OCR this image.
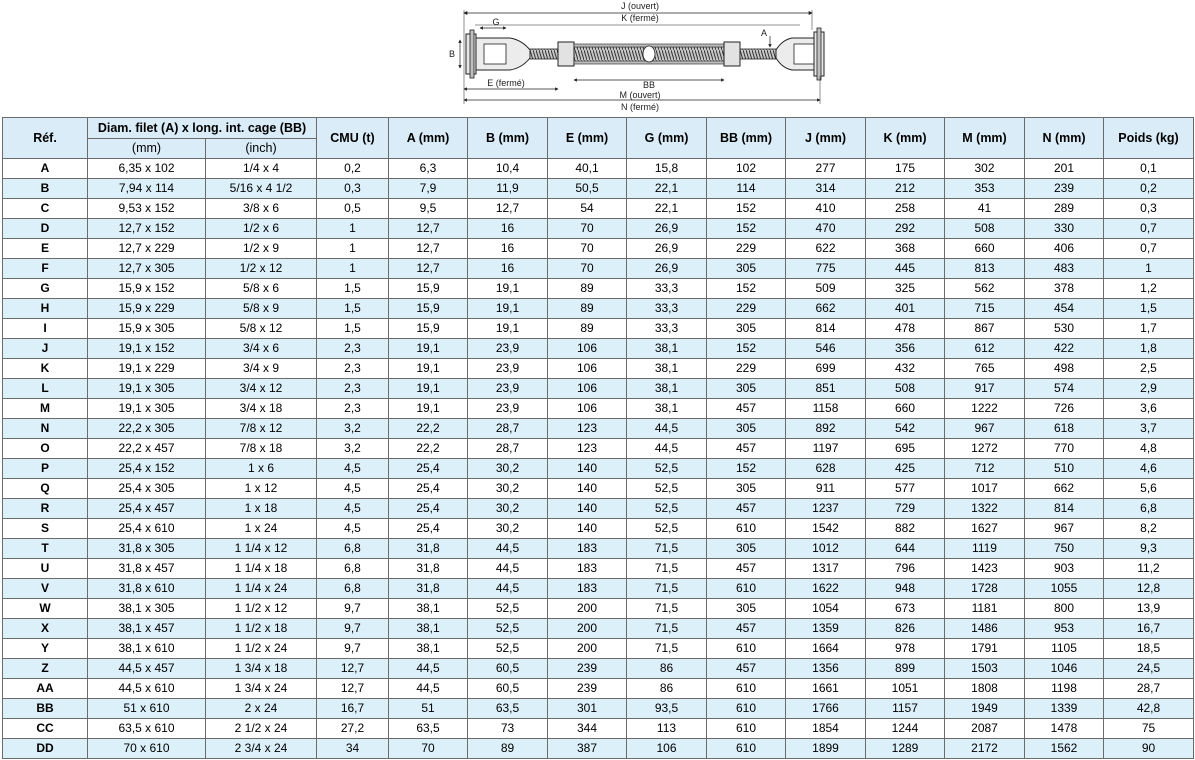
J (ouvert)
K (fermé)
G
B
A
E (fermé)	BB
M (ouvert)
N (fermé)
Réf.	Diam. filet (A) x long. int. cage (BB)		CMU (t)	A (mm)	B (mm)	E (mm)	G (mm)	BB (mm)	J (mm)	K (mm)	M (mm)	N (mm)	Poids (kg)
	(mm)	(inch)											
A	6,35 x 102	1/4 x 4	0,2	6,3	10,4	40,1	15,8	102	277	175	302	201	0,1
B	7,94 x 114	5/16 x 4 1/2	0,3	7,9	11,9	50,5	22,1	114	314	212	353	239	0,2
C	9,53 x 152	3/8 x 6	0,5	9,5	12,7	54	22,1	152	410	258	41	289	0,3
D	12,7 x 152	1/2 x 6	1	12,7	16	70	26,9	152	470	292	508	330	0,7
E	12,7 x 229	1/2 x 9	1	12,7	16	70	26,9	229	622	368	660	406	0,7
F	12,7 x 305	1/2 x 12	1	12,7	16	70	26,9	305	775	445	813	483	1
G	15,9 x 152	5/8 x 6	1,5	15,9	19,1	89	33,3	152	509	325	562	378	1,2
H	15,9 x 229	5/8 x 9	1,5	15,9	19,1	89	33,3	229	662	401	715	454	1,5
I	15,9 x 305	5/8 x 12	1,5	15,9	19,1	89	33,3	305	814	478	867	530	1,7
J	19,1 x 152	3/4 x 6	2,3	19,1	23,9	106	38,1	152	546	356	612	422	1,8
K	19,1 x 229	3/4 x 9	2,3	19,1	23,9	106	38,1	229	699	432	765	498	2,5
L	19,1 x 305	3/4 x 12	2,3	19,1	23,9	106	38,1	305	851	508	917	574	2,9
M	19,1 x 305	3/4 x 18	2,3	19,1	23,9	106	38,1	457	1158	660	1222	726	3,6
N	22,2 x 305	7/8 x 12	3,2	22,2	28,7	123	44,5	305	892	542	967	618	3,7
O	22,2 x 457	7/8 x 18	3,2	22,2	28,7	123	44,5	457	1197	695	1272	770	4,8
P	25,4 x 152	1 x 6	4,5	25,4	30,2	140	52,5	152	628	425	712	510	4,6
Q	25,4 x 305	1 x 12	4,5	25,4	30,2	140	52,5	305	911	577	1017	662	5,6
R	25,4 x 457	1 x 18	4,5	25,4	30,2	140	52,5	457	1237	729	1322	814	6,8
S	25,4 x 610	1 x 24	4,5	25,4	30,2	140	52,5	610	1542	882	1627	967	8,2
T	31,8 x 305	1 1/4 x 12	6,8	31,8	44,5	183	71,5	305	1012	644	1119	750	9,3
U	31,8 x 457	1 1/4 x 18	6,8	31,8	44,5	183	71,5	457	1317	796	1423	903	11,2
V	31,8 x 610	1 1/4 x 24	6,8	31,8	44,5	183	71,5	610	1622	948	1728	1055	12,8
W	38,1 x 305	1 1/2 x 12	9,7	38,1	52,5	200	71,5	305	1054	673	1181	800	13,9
X	38,1 x 457	1 1/2 x 18	9,7	38,1	52,5	200	71,5	457	1359	826	1486	953	16,7
Y	38,1 x 610	1 1/2 x 24	9,7	38,1	52,5	200	71,5	610	1664	978	1791	1105	18,5
Z	44,5 x 457	1 3/4 x 18	12,7	44,5	60,5	239	86	457	1356	899	1503	1046	24,5
AA	44,5 x 610	1 3/4 x 24	12,7	44,5	60,5	239	86	610	1661	1051	1808	1198	28,7
BB	51 x 610	2 x 24	16,7	51	63,5	301	93,5	610	1766	1157	1949	1339	42,8
CC	63,5 x 610	2 1/2 x 24	27,2	63,5	73	344	113	610	1854	1244	2087	1478	75
DD	70 x 610	2 3/4 x 24	34	70	89	387	106	610	1899	1289	2172	1562	90
